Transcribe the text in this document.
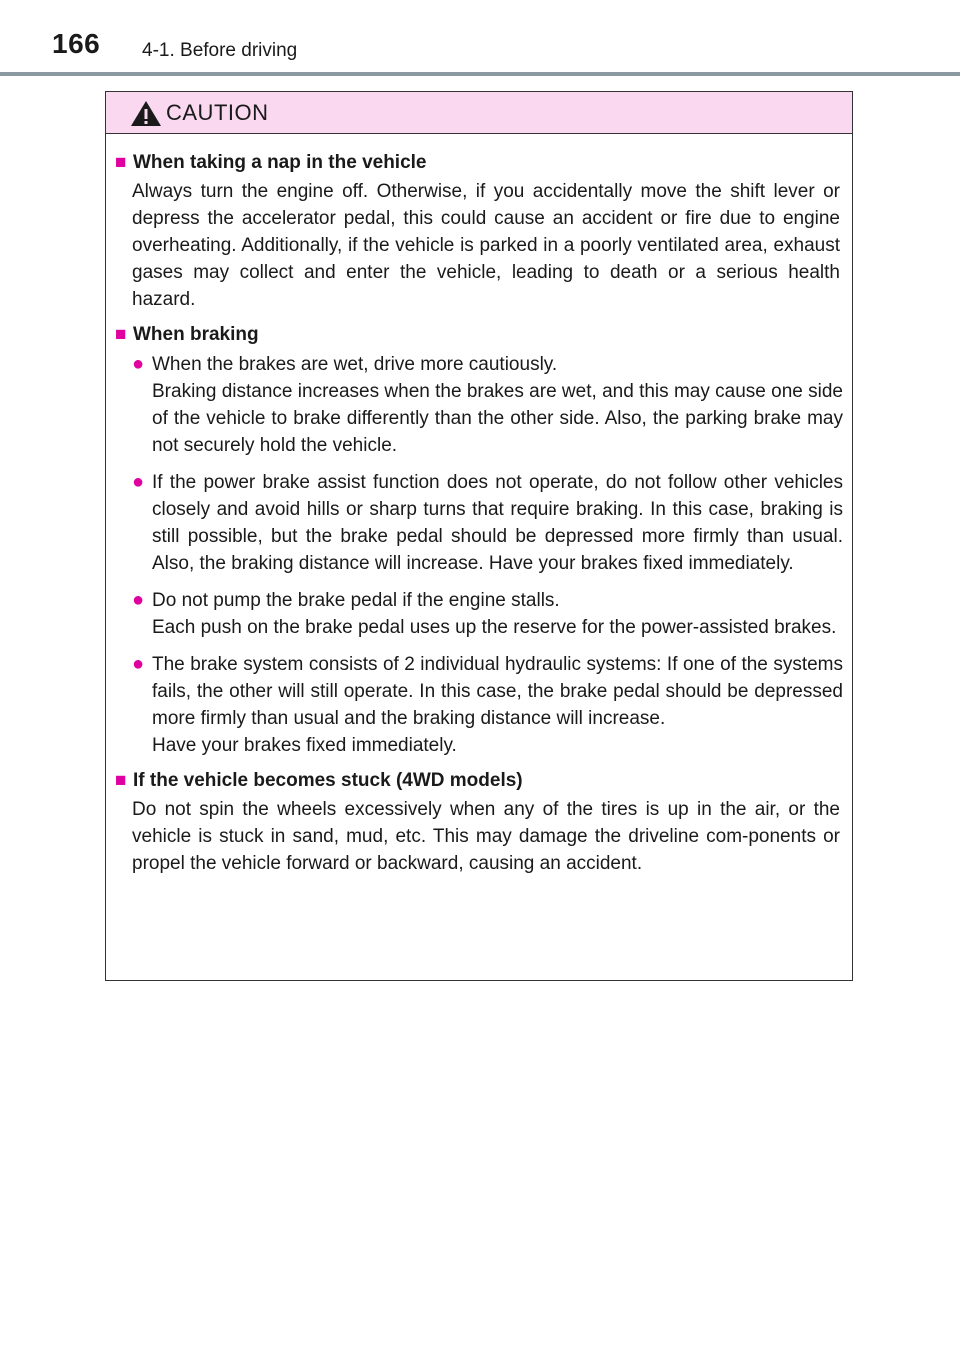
166 4-1. Before driving
CAUTION
■ When taking a nap in the vehicle

Always turn the engine off. Otherwise, if you accidentally move the shift lever or depress the accelerator pedal, this could cause an accident or fire due to engine overheating. Additionally, if the vehicle is parked in a poorly ventilated area, exhaust gases may collect and enter the vehicle, leading to death or a serious health hazard.

■ When braking
● When the brakes are wet, drive more cautiously.

Braking distance increases when the brakes are wet, and this may cause one side of the vehicle to brake differently than the other side. Also, the parking brake may not securely hold the vehicle.

● If the power brake assist function does not operate, do not follow other vehicles closely and avoid hills or sharp turns that require braking. In this case, braking is still possible, but the brake pedal should be depressed more firmly than usual. Also, the braking distance will increase. Have your brakes fixed immediately.

● Do not pump the brake pedal if the engine stalls.

Each push on the brake pedal uses up the reserve for the power-assisted brakes.

● The brake system consists of 2 individual hydraulic systems: If one of the systems fails, the other will still operate. In this case, the brake pedal should be depressed more firmly than usual and the braking distance will increase.

Have your brakes fixed immediately.

■ If the vehicle becomes stuck (4WD models)

Do not spin the wheels excessively when any of the tires is up in the air, or the vehicle is stuck in sand, mud, etc. This may damage the driveline com-ponents or propel the vehicle forward or backward, causing an accident.
